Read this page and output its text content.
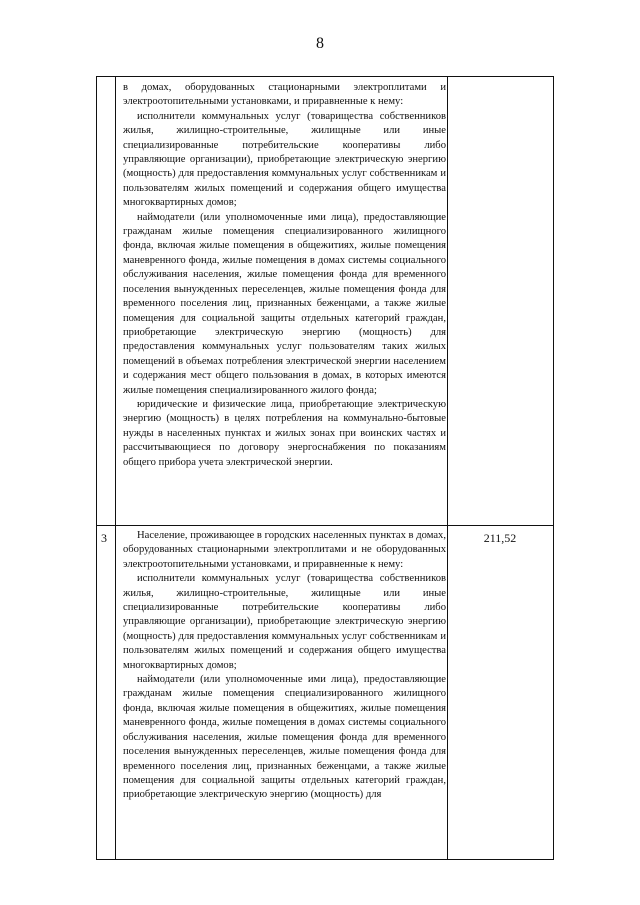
8

в домах, оборудованных стационарными электроплитами и электроотопительными установками, и приравненные к нему:

исполнители коммунальных услуг (товарищества собственников жилья, жилищно-строительные, жилищные или иные специализированные потребительские кооперативы либо управляющие организации), приобретающие электрическую энергию (мощность) для предоставления коммунальных услуг собственникам и пользователям жилых помещений и содержания общего имущества многоквартирных домов;

наймодатели (или уполномоченные ими лица), предоставляющие гражданам жилые помещения специализированного жилищного фонда, включая жилые помещения в общежитиях, жилые помещения маневренного фонда, жилые помещения в домах системы социального обслуживания населения, жилые помещения фонда для временного поселения вынужденных переселенцев, жилые помещения фонда для временного поселения лиц, признанных беженцами, а также жилые помещения для социальной защиты отдельных категорий граждан, приобретающие электрическую энергию (мощность) для предоставления коммунальных услуг пользователям таких жилых помещений в объемах потребления электрической энергии населением и содержания мест общего пользования в домах, в которых имеются жилые помещения специализированного жилого фонда;

юридические и физические лица, приобретающие электрическую энергию (мощность) в целях потребления на коммунально-бытовые нужды в населенных пунктах и жилых зонах при воинских частях и рассчитывающиеся по договору энергоснабжения по показаниям общего прибора учета электрической энергии.

3	211,52

Население, проживающее в городских населенных пунктах в домах, оборудованных стационарными электроплитами и не оборудованных электроотопительными установками, и приравненные к нему:

исполнители коммунальных услуг (товарищества собственников жилья, жилищно-строительные, жилищные или иные специализированные потребительские кооперативы либо управляющие организации), приобретающие электрическую энергию (мощность) для предоставления коммунальных услуг собственникам и пользователям жилых помещений и содержания общего имущества многоквартирных домов;

наймодатели (или уполномоченные ими лица), предоставляющие гражданам жилые помещения специализированного жилищного фонда, включая жилые помещения в общежитиях, жилые помещения маневренного фонда, жилые помещения в домах системы социального обслуживания населения, жилые помещения фонда для временного поселения вынужденных переселенцев, жилые помещения фонда для временного поселения лиц, признанных беженцами, а также жилые помещения для социальной защиты отдельных категорий граждан, приобретающие электрическую энергию (мощность) для
